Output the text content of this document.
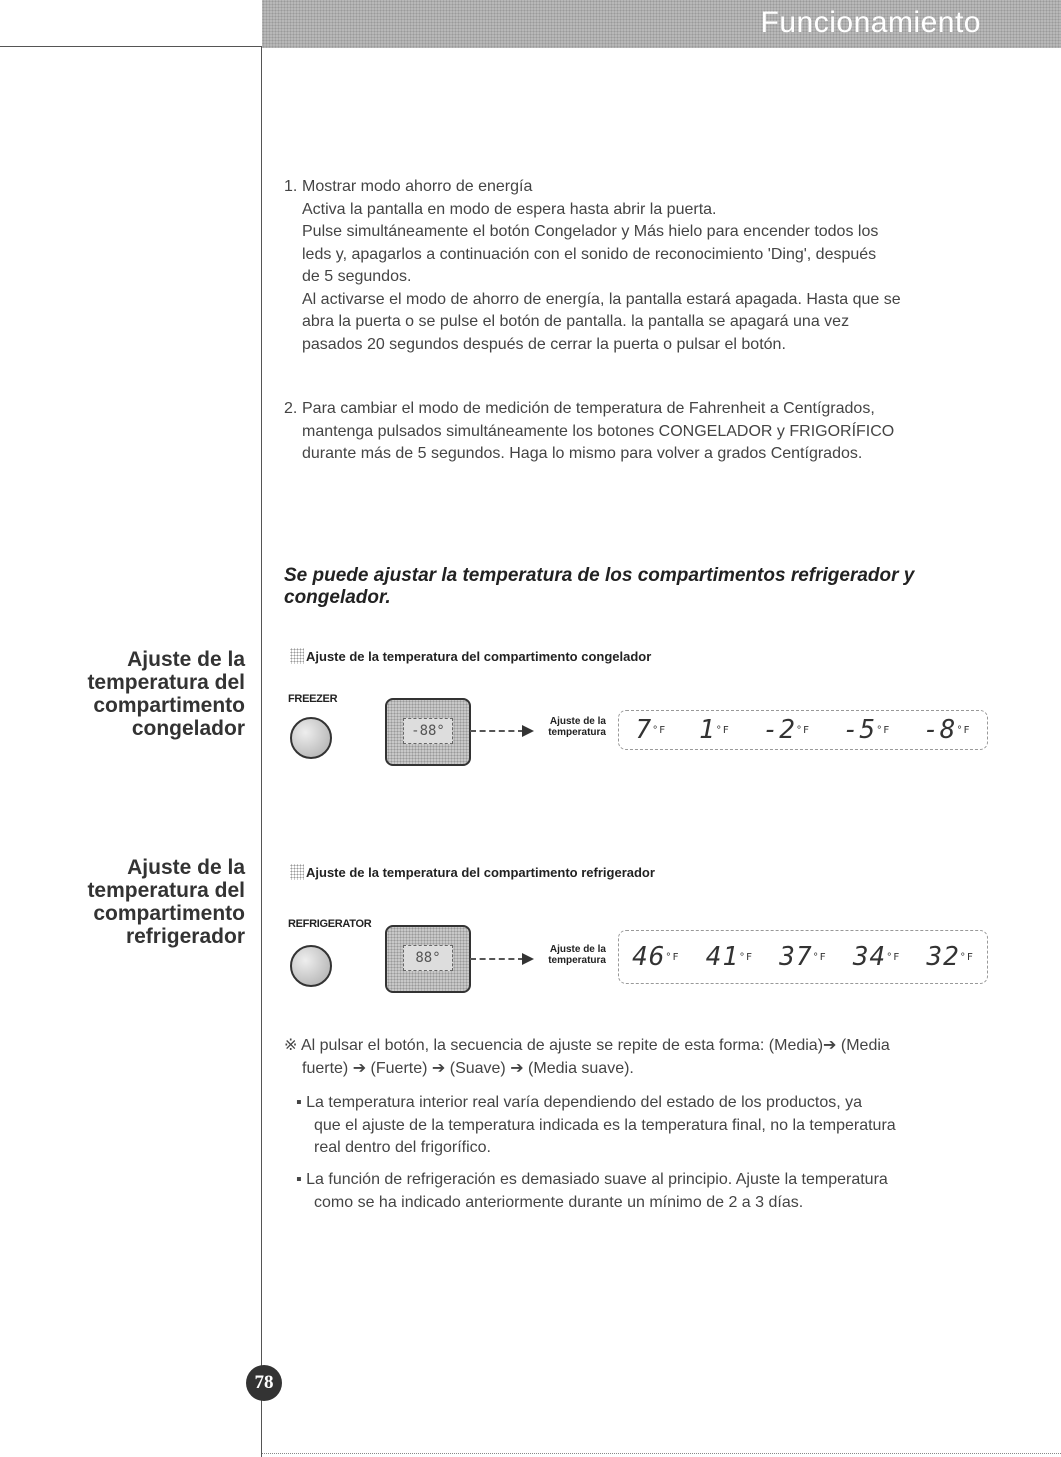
Funcionamiento
1. Mostrar modo ahorro de energía

Activa la pantalla en modo de espera hasta abrir la puerta.

Pulse simultáneamente el botón Congelador y Más hielo para encender todos los

leds y, apagarlos a continuación con el sonido de reconocimiento 'Ding', después

de 5 segundos.

Al activarse el modo de ahorro de energía, la pantalla estará apagada. Hasta que se

abra la puerta o se pulse el botón de pantalla. la pantalla se apagará una vez

pasados 20 segundos después de cerrar la puerta o pulsar el botón.

2. Para cambiar el modo de medición de temperatura de Fahrenheit a Centígrados,

mantenga pulsados simultáneamente los botones CONGELADOR y FRIGORÍFICO

durante más de 5 segundos. Haga lo mismo para volver a grados Centígrados.

Se puede ajustar la temperatura de los compartimentos refrigerador y
congelador.
Ajuste de la
temperatura del
compartimento
congelador
Ajuste de la temperatura del compartimento congelador
FREEZER
-88°
Ajuste de la
temperatura 7°F 1°F -2°F -5°F -8°F
Ajuste de la
temperatura del
compartimento
refrigerador
Ajuste de la temperatura del compartimento refrigerador
REFRIGERATOR
88°
Ajuste de la
temperatura 46°F 41°F 37°F 34°F 32°F

※ Al pulsar el botón, la secuencia de ajuste se repite de esta forma: (Media)➔ (Media

fuerte) ➔ (Fuerte) ➔ (Suave) ➔ (Media suave).

▪ La temperatura interior real varía dependiendo del estado de los productos, ya

que el ajuste de la temperatura indicada es la temperatura final, no la temperatura

real dentro del frigorífico.

▪ La función de refrigeración es demasiado suave al principio. Ajuste la temperatura

como se ha indicado anteriormente durante un mínimo de 2 a 3 días.

78
